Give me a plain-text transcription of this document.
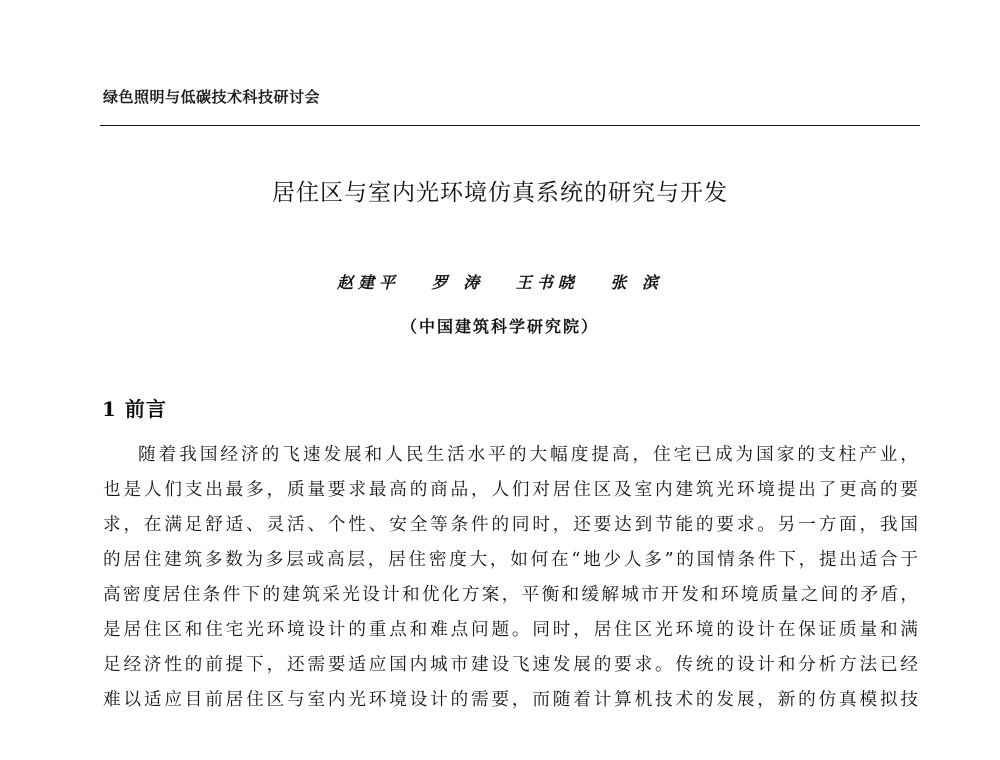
绿色照明与低碳技术科技研讨会
居住区与室内光环境仿真系统的研究与开发
赵建平 罗 涛 王书晓 张 滨
（中国建筑科学研究院）
1 前言
随着我国经济的飞速发展和人民生活水平的大幅度提高，住宅已成为国家的支柱产业，
也是人们支出最多，质量要求最高的商品，人们对居住区及室内建筑光环境提出了更高的要
求，在满足舒适、灵活、个性、安全等条件的同时，还要达到节能的要求。另一方面，我国
的居住建筑多数为多层或高层，居住密度大，如何在“地少人多”的国情条件下，提出适合于
高密度居住条件下的建筑采光设计和优化方案，平衡和缓解城市开发和环境质量之间的矛盾，
是居住区和住宅光环境设计的重点和难点问题。同时，居住区光环境的设计在保证质量和满
足经济性的前提下，还需要适应国内城市建设飞速发展的要求。传统的设计和分析方法已经
难以适应目前居住区与室内光环境设计的需要，而随着计算机技术的发展，新的仿真模拟技
